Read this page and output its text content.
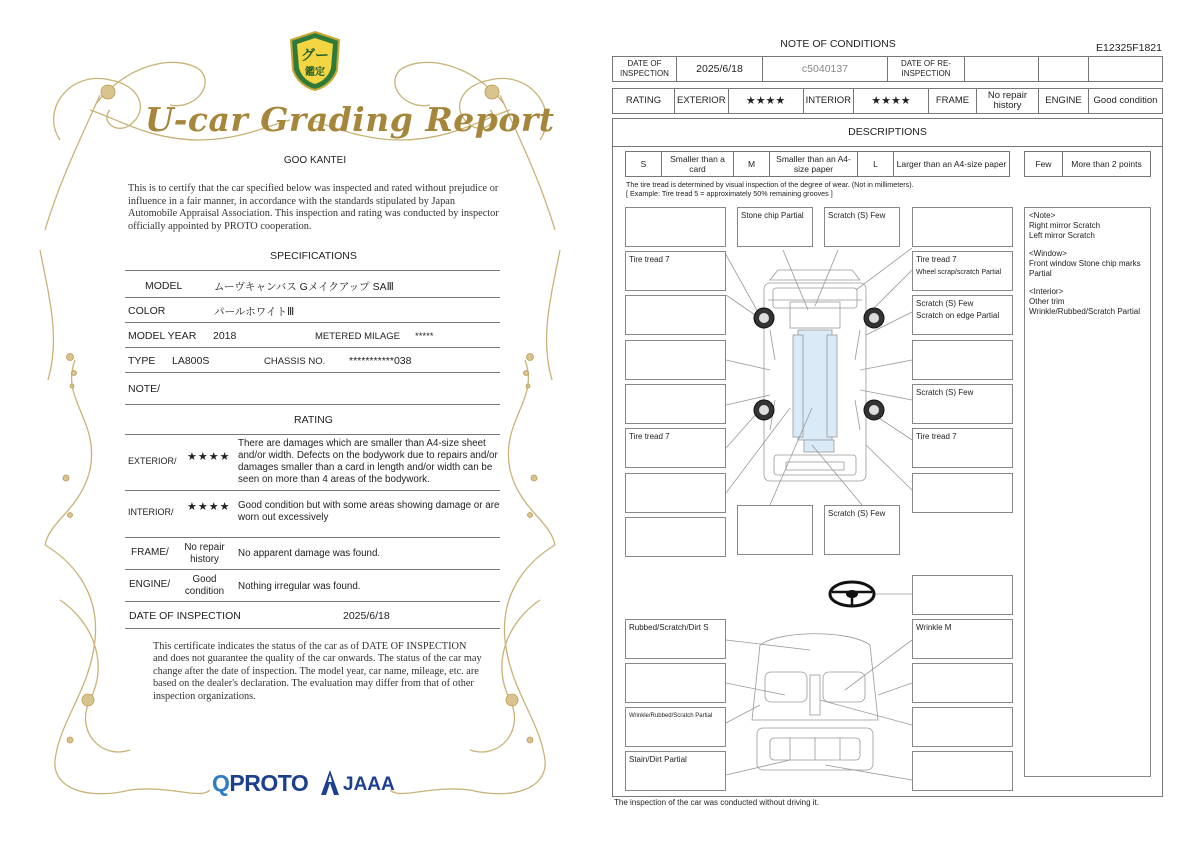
グー
鑑定
U-car Grading Report
GOO KANTEI
This is to certify that the car specified below was inspected and rated without prejudice or influence in a fair manner, in accordance with the standards stipulated by Japan Automobile Appraisal Association. This inspection and rating was conducted by inspector officially appointed by PROTO cooperation.
SPECIFICATIONS
MODEL	ムーヴキャンバス Gメイクアップ SAⅢ
COLOR	パールホワイトⅢ
MODEL YEAR 2018	METERED MILAGE *****
TYPE LA800S	CHASSIS NO. ***********038
NOTE/
RATING
EXTERIOR/ ★★★★
There are damages which are smaller than A4-size sheet and/or width. Defects on the bodywork due to repairs and/or damages smaller than a card in length and/or width can be seen on more than 4 areas of the bodywork.
INTERIOR/ ★★★★ Good condition but with some areas showing damage or are worn out excessively
FRAME/	No repair history	No apparent damage was found.
ENGINE/	Good condition	Nothing irregular was found.
DATE OF INSPECTION	2025/6/18
This certificate indicates the status of the car as of DATE OF INSPECTION and does not guarantee the quality of the car onwards. The status of the car may change after the date of inspection. The model year, car name, mileage, etc. are based on the dealer's declaration. The evaluation may differ from that of other inspection organizations.
QPROTO JAAA
NOTE OF CONDITIONS	E12325F1821
DATE OF INSPECTION	2025/6/18	c5040137	DATE OF RE-INSPECTION			
RATING	EXTERIOR	★★★★	INTERIOR	★★★★	FRAME	No repair history	ENGINE	Good condition
DESCRIPTIONS
S	Smaller than a card	M	Smaller than an A4-size paper	L	Larger than an A4-size paper	Few	More than 2 points
The tire tread is determined by visual inspection of the degree of wear. (Not in millimeters).
[ Example: Tire tread 5 = approximately 50% remaining grooves ]
Stone chip Partial	Scratch (S) Few
Tire tread 7	Tire tread 7
Wheel scrap/scratch Partial
Scratch (S) Few
Scratch on edge Partial
Scratch (S) Few
Tire tread 7	Tire tread 7
Scratch (S) Few
Rubbed/Scratch/Dirt S	Wrinkle M
Wrinkle/Rubbed/Scratch Partial
Stain/Dirt Partial

<Note>
Right mirror Scratch
Left mirror Scratch

<Window>
Front window Stone chip marks Partial

<Interior>
Other trim
Wrinkle/Rubbed/Scratch Partial

The inspection of the car was conducted without driving it.
